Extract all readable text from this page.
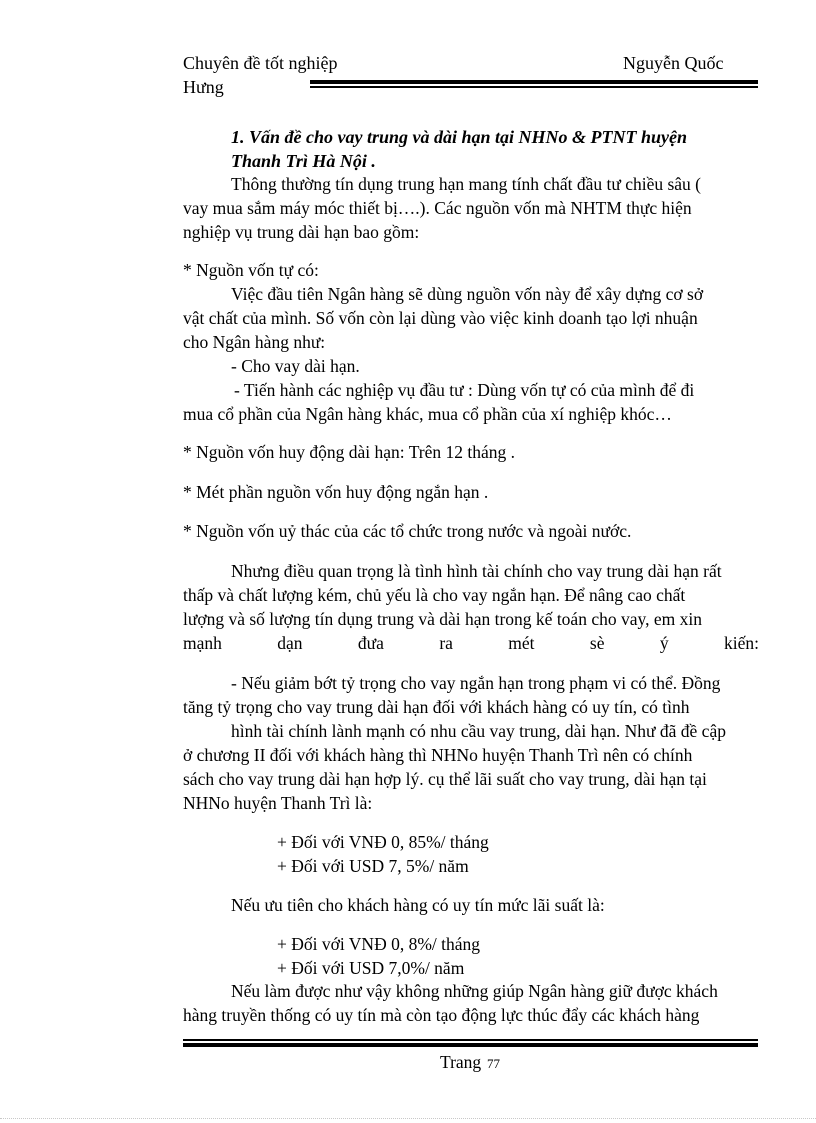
Chuyên đề tốt nghiệp	Nguyễn Quốc
Hưng
1. Vấn đề cho vay trung và dài hạn tại NHNo & PTNT huyện
Thanh Trì Hà Nội .
Thông thường tín dụng trung hạn mang tính chất đầu tư chiều sâu (
vay mua sắm máy móc thiết bị….). Các nguồn vốn mà NHTM thực hiện
nghiệp vụ trung dài hạn bao gồm:
* Nguồn vốn tự có:
Việc đầu tiên Ngân hàng sẽ dùng nguồn vốn này để xây dựng cơ sở
vật chất của mình. Số vốn còn lại dùng vào việc kinh doanh tạo lợi nhuận
cho Ngân hàng như:
- Cho vay dài hạn.
- Tiến hành các nghiệp vụ đầu tư : Dùng vốn tự có của mình để đi
mua cổ phần của Ngân hàng khác, mua cổ phần của xí nghiệp khóc…
* Nguồn vốn huy động dài hạn: Trên 12 tháng .
* Mét phần nguồn vốn huy động ngắn hạn .
* Nguồn vốn uỷ thác của các tổ chức trong nước và ngoài nước.
Nhưng điều quan trọng là tình hình tài chính cho vay trung dài hạn rất
thấp và chất lượng kém, chủ yếu là cho vay ngắn hạn. Để nâng cao chất
lượng và số lượng tín dụng trung và dài hạn trong kế toán cho vay, em xin
mạnh	dạn	đưa	ra	mét	sè	ý	kiến:
- Nếu giảm bớt tỷ trọng cho vay ngắn hạn trong phạm vi có thể. Đồng
tăng tỷ trọng cho vay trung dài hạn đối với khách hàng có uy tín, có tình
hình tài chính lành mạnh có nhu cầu vay trung, dài hạn. Như đã đề cập
ở chương II đối với khách hàng thì NHNo huyện Thanh Trì nên có chính
sách cho vay trung dài hạn hợp lý. cụ thể lãi suất cho vay trung, dài hạn tại
NHNo huyện Thanh Trì là:
+ Đối với VNĐ 0, 85%/ tháng
+ Đối với USD 7, 5%/ năm
Nếu ưu tiên cho khách hàng có uy tín mức lãi suất là:
+ Đối với VNĐ 0, 8%/ tháng
+ Đối với USD 7,0%/ năm
Nếu làm được như vậy không những giúp Ngân hàng giữ được khách
hàng truyền thống có uy tín mà còn tạo động lực thúc đẩy các khách hàng
Trang 77
